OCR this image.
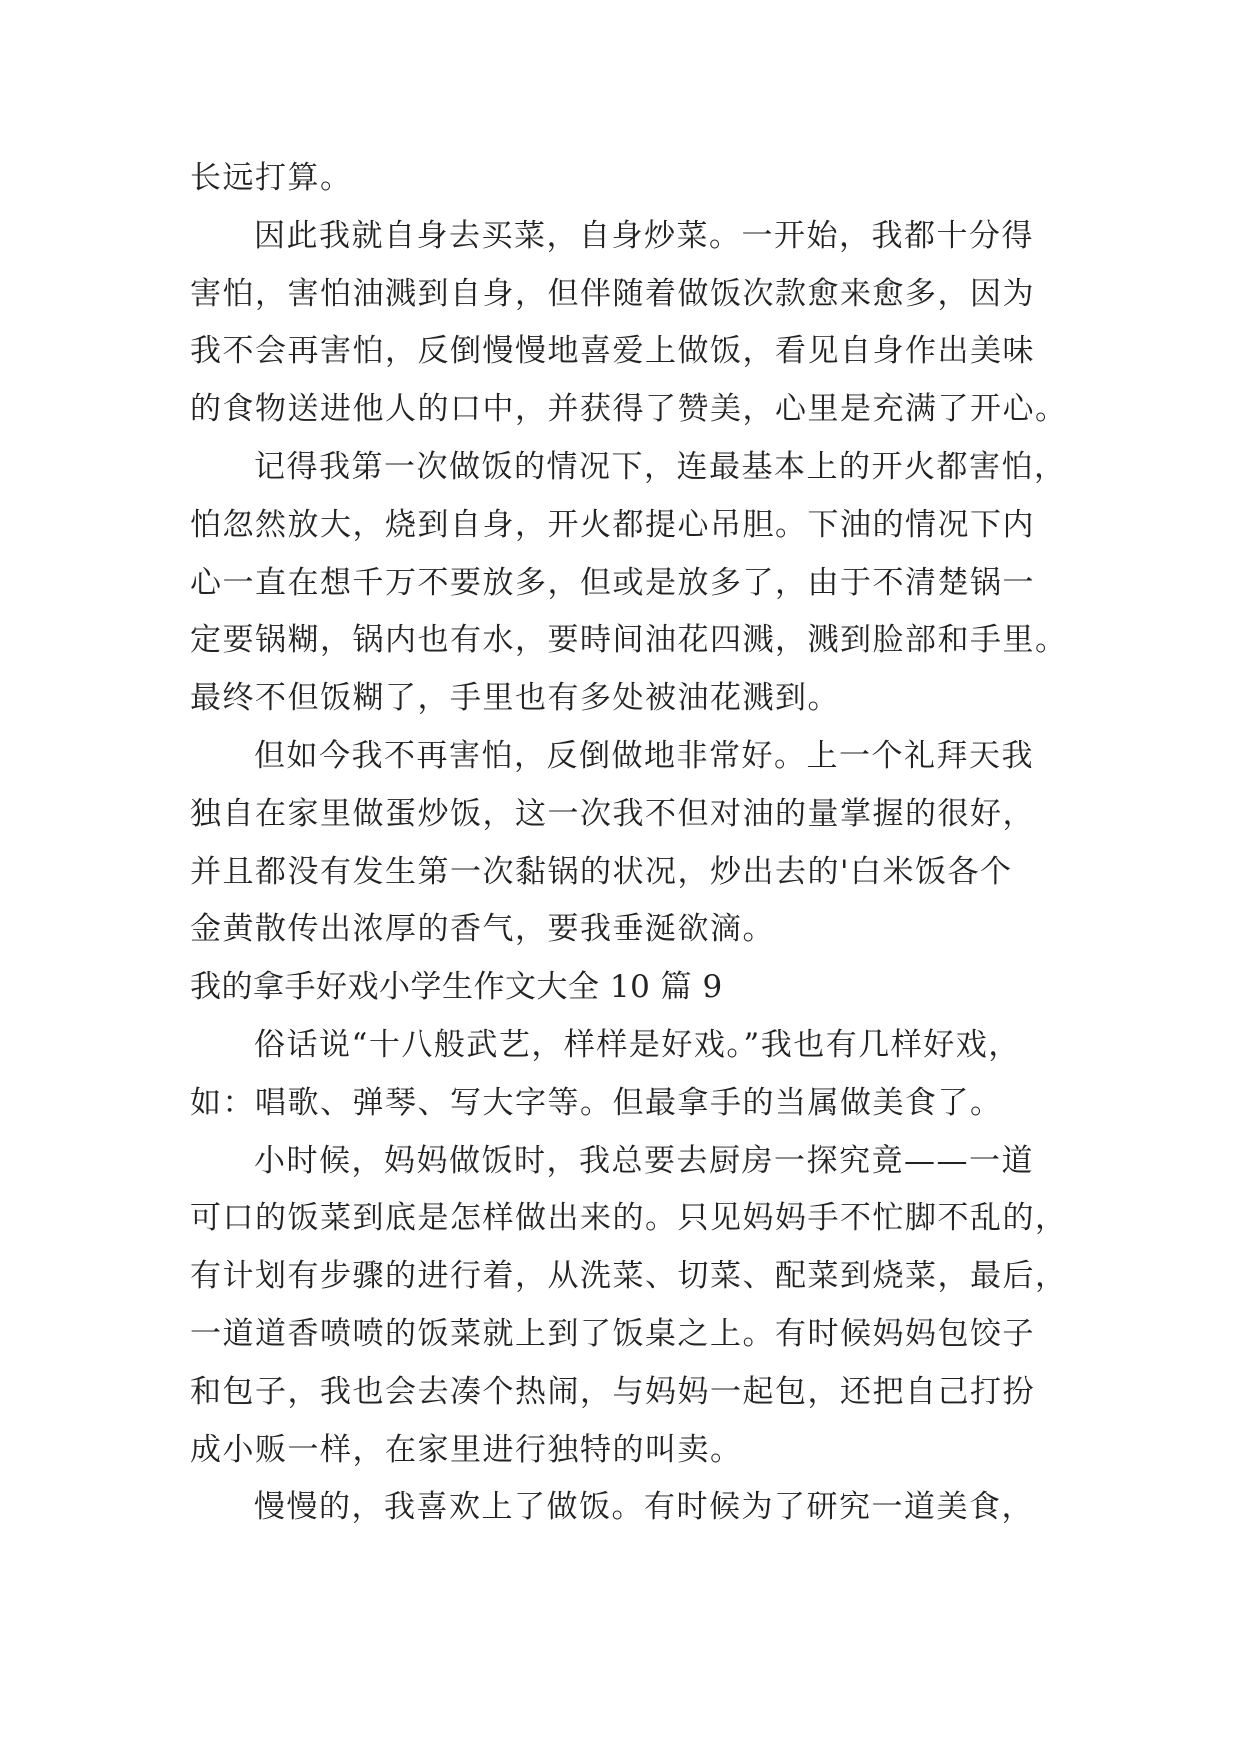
长远打算。
因此我就自身去买菜，自身炒菜。一开始，我都十分得
害怕，害怕油溅到自身，但伴随着做饭次款愈来愈多，因为
我不会再害怕，反倒慢慢地喜爱上做饭，看见自身作出美味
的食物送进他人的口中，并获得了赞美，心里是充满了开心。
记得我第一次做饭的情况下，连最基本上的开火都害怕，
怕忽然放大，烧到自身，开火都提心吊胆。下油的情况下内
心一直在想千万不要放多，但或是放多了，由于不清楚锅一
定要锅糊，锅内也有水，要時间油花四溅，溅到脸部和手里。
最终不但饭糊了，手里也有多处被油花溅到。
但如今我不再害怕，反倒做地非常好。上一个礼拜天我
独自在家里做蛋炒饭，这一次我不但对油的量掌握的很好，
并且都没有发生第一次黏锅的状况，炒出去的'白米饭各个
金黄散传出浓厚的香气，要我垂涎欲滴。
我的拿手好戏小学生作文大全 10 篇 9
俗话说“十八般武艺，样样是好戏。”我也有几样好戏，
如：唱歌、弹琴、写大字等。但最拿手的当属做美食了。
小时候，妈妈做饭时，我总要去厨房一探究竟——一道
可口的饭菜到底是怎样做出来的。只见妈妈手不忙脚不乱的，
有计划有步骤的进行着，从洗菜、切菜、配菜到烧菜，最后，
一道道香喷喷的饭菜就上到了饭桌之上。有时候妈妈包饺子
和包子，我也会去凑个热闹，与妈妈一起包，还把自己打扮
成小贩一样，在家里进行独特的叫卖。
慢慢的，我喜欢上了做饭。有时候为了研究一道美食，
